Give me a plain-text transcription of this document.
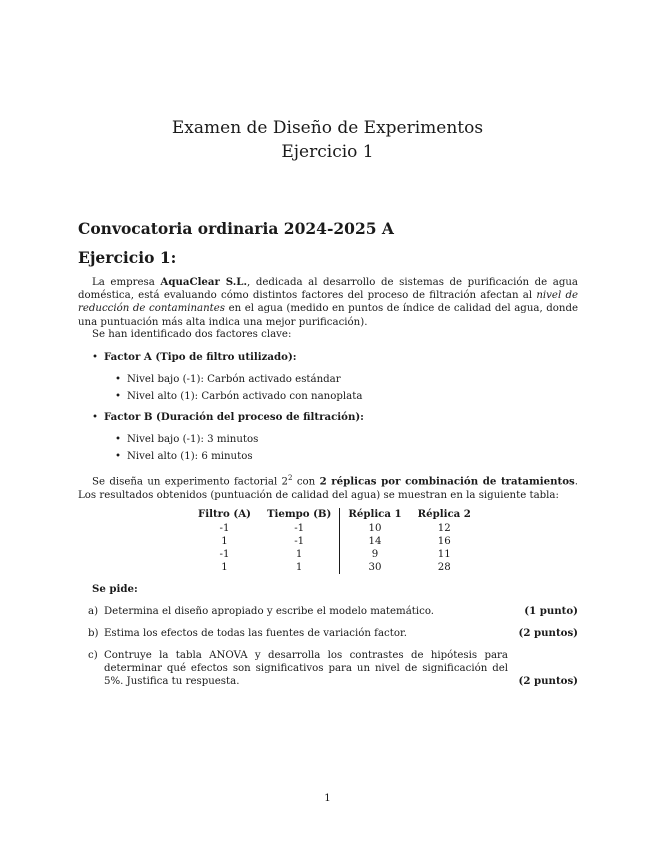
Examen de Diseño de Experimentos
Ejercicio 1
Convocatoria ordinaria 2024-2025 A
Ejercicio 1:
La empresa AquaClear S.L., dedicada al desarrollo de sistemas de purificación de agua doméstica, está evaluando cómo distintos factores del proceso de filtración afectan al nivel de reducción de contaminantes en el agua (medido en puntos de índice de calidad del agua, donde una puntuación más alta indica una mejor purificación).
Se han identificado dos factores clave:
• Factor A (Tipo de filtro utilizado):
• Nivel bajo (-1): Carbón activado estándar
• Nivel alto (1): Carbón activado con nanoplata
• Factor B (Duración del proceso de filtración):
• Nivel bajo (-1): 3 minutos
• Nivel alto (1): 6 minutos
Se diseña un experimento factorial $2^2$ con 2 réplicas por combinación de tratamientos. Los resultados obtenidos (puntuación de calidad del agua) se muestran en la siguiente tabla:
Filtro (A)	Tiempo (B)	Réplica 1	Réplica 2
-1	-1	10	12
1	-1	14	16
-1	1	9	11
1	1	30	28
Se pide:
a) Determina el diseño apropiado y escribe el modelo matemático.	(1 punto)
b) Estima los efectos de todas las fuentes de variación factor.	(2 puntos)
c) Contruye la tabla ANOVA y desarrolla los contrastes de hipótesis para determinar qué efectos son significativos para un nivel de significación del 5%. Justifica tu respuesta.	(2 puntos)
1
